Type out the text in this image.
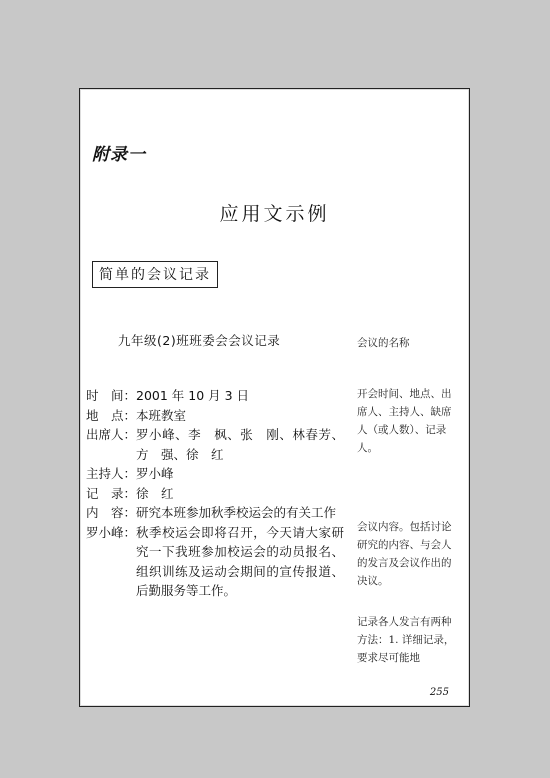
附录一
应用文示例
简单的会议记录
九年级(2)班班委会会议记录
时　间： 2001 年 10 月 3 日
地　点： 本班教室
出席人： 罗小峰、李　枫、张　刚、林春芳、方　强、徐　红
主持人： 罗小峰
记　录： 徐　红
内　容： 研究本班参加秋季校运会的有关工作
罗小峰： 秋季校运会即将召开，今天请大家研究一下我班参加校运会的动员报名、组织训练及运动会期间的宣传报道、后勤服务等工作。
会议的名称
开会时间、地点、出席人、主持人、缺席人（或人数）、记录人。
会议内容。包括讨论研究的内容、与会人的发言及会议作出的决议。
记录各人发言有两种方法：1. 详细记录，要求尽可能地
255
